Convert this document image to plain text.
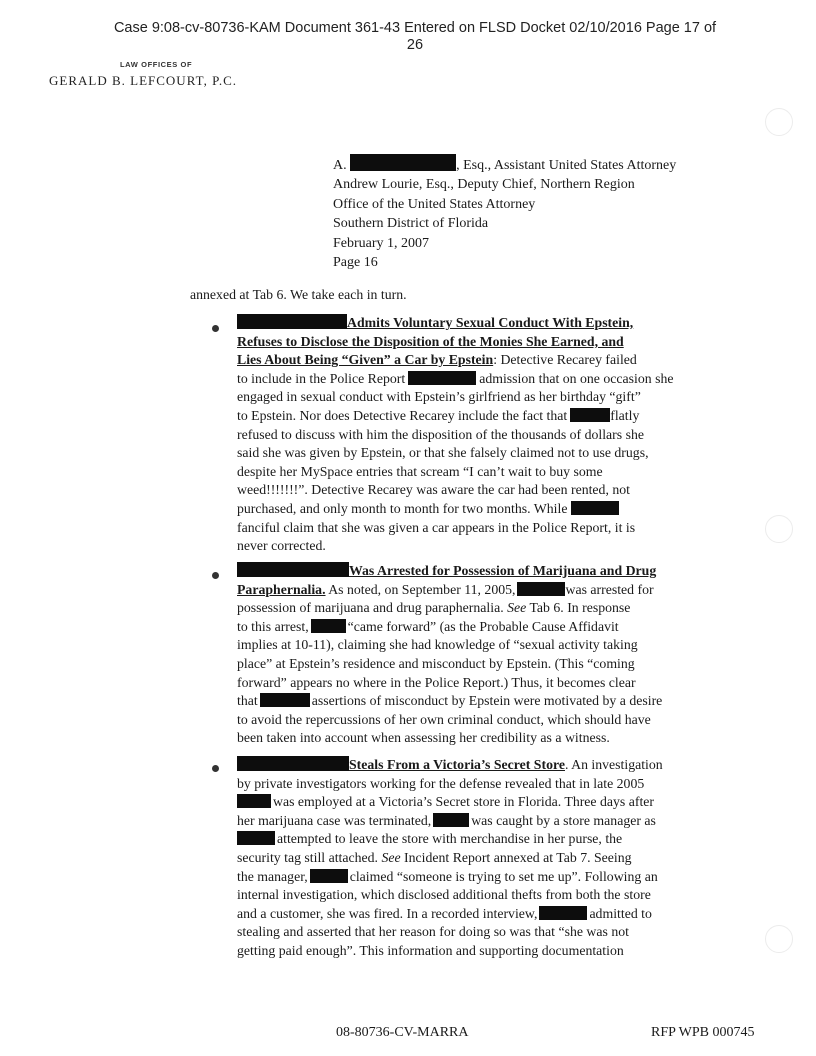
Case 9:08-cv-80736-KAM Document 361-43 Entered on FLSD Docket 02/10/2016 Page 17 of
26
LAW OFFICES OF
GERALD B. LEFCOURT, P.C.
A.	, Esq., Assistant United States Attorney
Andrew Lourie, Esq., Deputy Chief, Northern Region
Office of the United States Attorney
Southern District of Florida
February 1, 2007
Page 16
annexed at Tab 6. We take each in turn.
Admits Voluntary Sexual Conduct With Epstein,
Refuses to Disclose the Disposition of the Monies She Earned, and
Lies About Being “Given” a Car by Epstein: Detective Recarey failed
to include in the Police Report	admission that on one occasion she
engaged in sexual conduct with Epstein’s girlfriend as her birthday “gift”
to Epstein. Nor does Detective Recarey include the fact that	flatly
refused to discuss with him the disposition of the thousands of dollars she
said she was given by Epstein, or that she falsely claimed not to use drugs,
despite her MySpace entries that scream “I can’t wait to buy some
weed!!!!!!!”. Detective Recarey was aware the car had been rented, not
purchased, and only month to month for two months. While
fanciful claim that she was given a car appears in the Police Report, it is
never corrected.
Was Arrested for Possession of Marijuana and Drug
Paraphernalia. As noted, on September 11, 2005,	was arrested for
possession of marijuana and drug paraphernalia. See Tab 6. In response
to this arrest,	“came forward” (as the Probable Cause Affidavit
implies at 10-11), claiming she had knowledge of “sexual activity taking
place” at Epstein’s residence and misconduct by Epstein. (This “coming
forward” appears no where in the Police Report.) Thus, it becomes clear
that	assertions of misconduct by Epstein were motivated by a desire
to avoid the repercussions of her own criminal conduct, which should have
been taken into account when assessing her credibility as a witness.
Steals From a Victoria’s Secret Store. An investigation
by private investigators working for the defense revealed that in late 2005
was employed at a Victoria’s Secret store in Florida. Three days after
her marijuana case was terminated,	was caught by a store manager as
attempted to leave the store with merchandise in her purse, the
security tag still attached. See Incident Report annexed at Tab 7. Seeing
the manager,	claimed “someone is trying to set me up”. Following an
internal investigation, which disclosed additional thefts from both the store
and a customer, she was fired. In a recorded interview,	admitted to
stealing and asserted that her reason for doing so was that “she was not
getting paid enough”. This information and supporting documentation
08-80736-CV-MARRA	RFP WPB 000745
